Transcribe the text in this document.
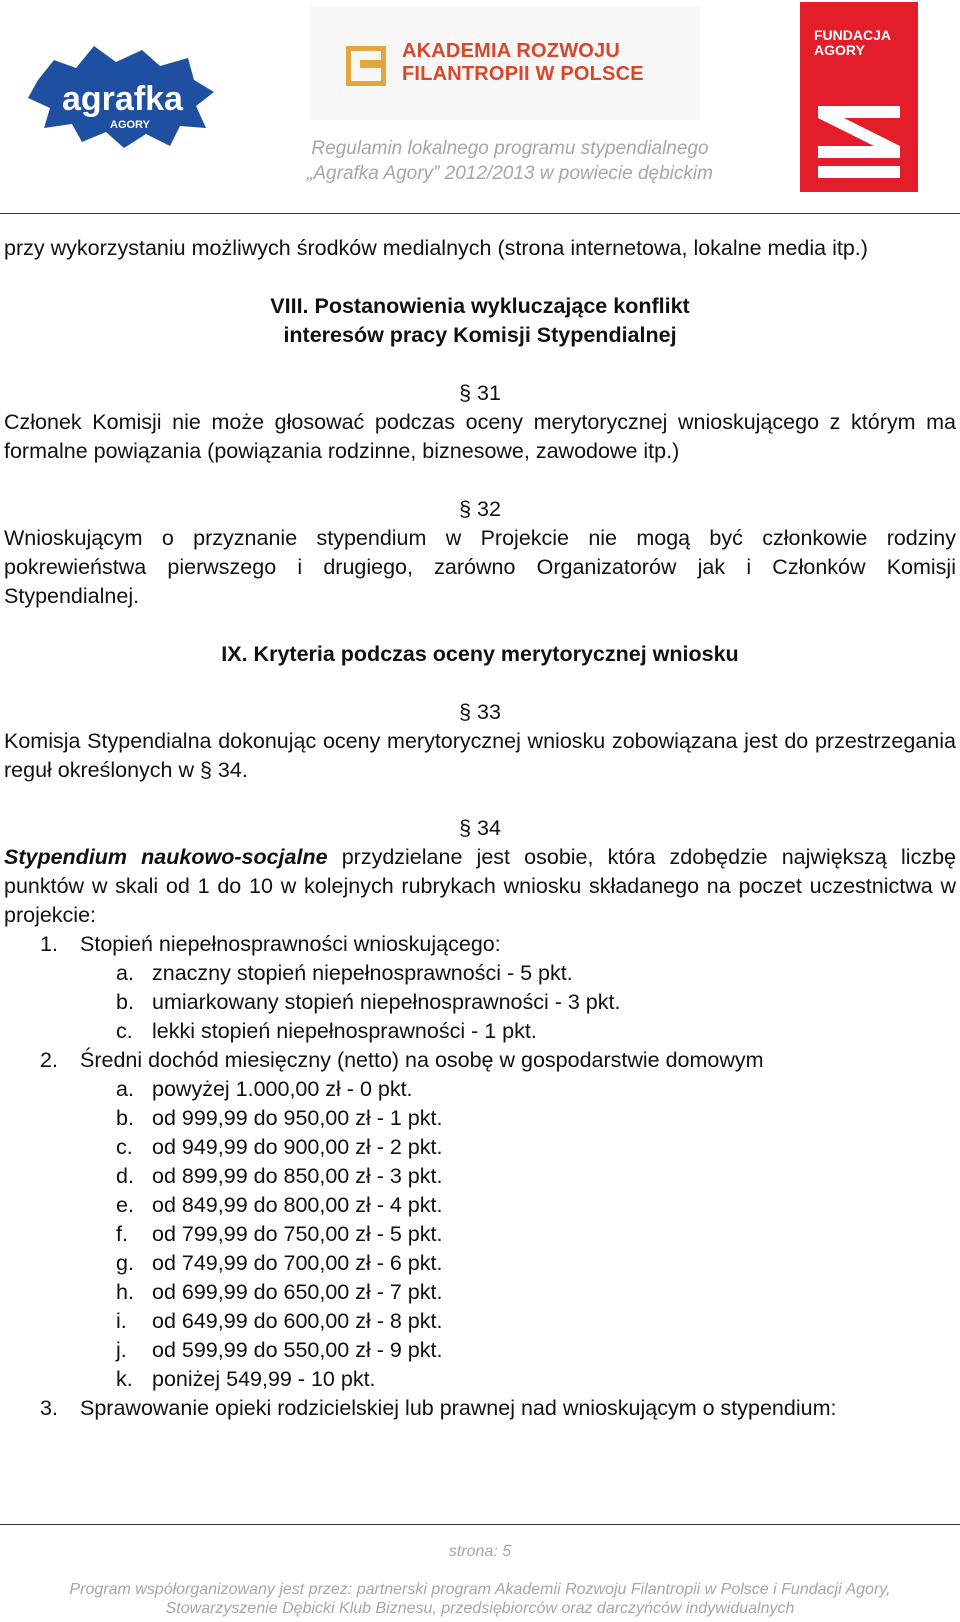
agrafka
AGORY
AKADEMIA ROZWOJU
FILANTROPII W POLSCE
FUNDACJA
AGORY
Regulamin lokalnego programu stypendialnego
„Agrafka Agory” 2012/2013 w powiecie dębickim

przy wykorzystaniu możliwych środków medialnych (strona internetowa, lokalne media itp.)

VIII. Postanowienia wykluczające konflikt

interesów pracy Komisji Stypendialnej

§ 31

Członek Komisji nie może głosować podczas oceny merytorycznej wnioskującego z którym ma formalne powiązania (powiązania rodzinne, biznesowe, zawodowe itp.)

§ 32

Wnioskującym o przyznanie stypendium w Projekcie nie mogą być członkowie rodziny pokrewieństwa pierwszego i drugiego, zarówno Organizatorów jak i Członków Komisji Stypendialnej.

IX. Kryteria podczas oceny merytorycznej wniosku

§ 33

Komisja Stypendialna dokonując oceny merytorycznej wniosku zobowiązana jest do przestrzegania reguł określonych w § 34.

§ 34

Stypendium naukowo-socjalne przydzielane jest osobie, która zdobędzie największą liczbę punktów w skali od 1 do 10 w kolejnych rubrykach wniosku składanego na poczet uczestnictwa w projekcie:

1. Stopień niepełnosprawności wnioskującego:
a. znaczny stopień niepełnosprawności - 5 pkt.
b. umiarkowany stopień niepełnosprawności - 3 pkt.
c. lekki stopień niepełnosprawności - 1 pkt.
2. Średni dochód miesięczny (netto) na osobę w gospodarstwie domowym
a. powyżej 1.000,00 zł - 0 pkt.
b. od 999,99 do 950,00 zł - 1 pkt.
c. od 949,99 do 900,00 zł - 2 pkt.
d. od 899,99 do 850,00 zł - 3 pkt.
e. od 849,99 do 800,00 zł - 4 pkt.
f. od 799,99 do 750,00 zł - 5 pkt.
g. od 749,99 do 700,00 zł - 6 pkt.
h. od 699,99 do 650,00 zł - 7 pkt.
i. od 649,99 do 600,00 zł - 8 pkt.
j. od 599,99 do 550,00 zł - 9 pkt.
k. poniżej 549,99 - 10 pkt.
3. Sprawowanie opieki rodzicielskiej lub prawnej nad wnioskującym o stypendium:
strona: 5
Program współorganizowany jest przez: partnerski program Akademii Rozwoju Filantropii w Polsce i Fundacji Agory,
Stowarzyszenie Dębicki Klub Biznesu, przedsiębiorców oraz darczyńców indywidualnych
